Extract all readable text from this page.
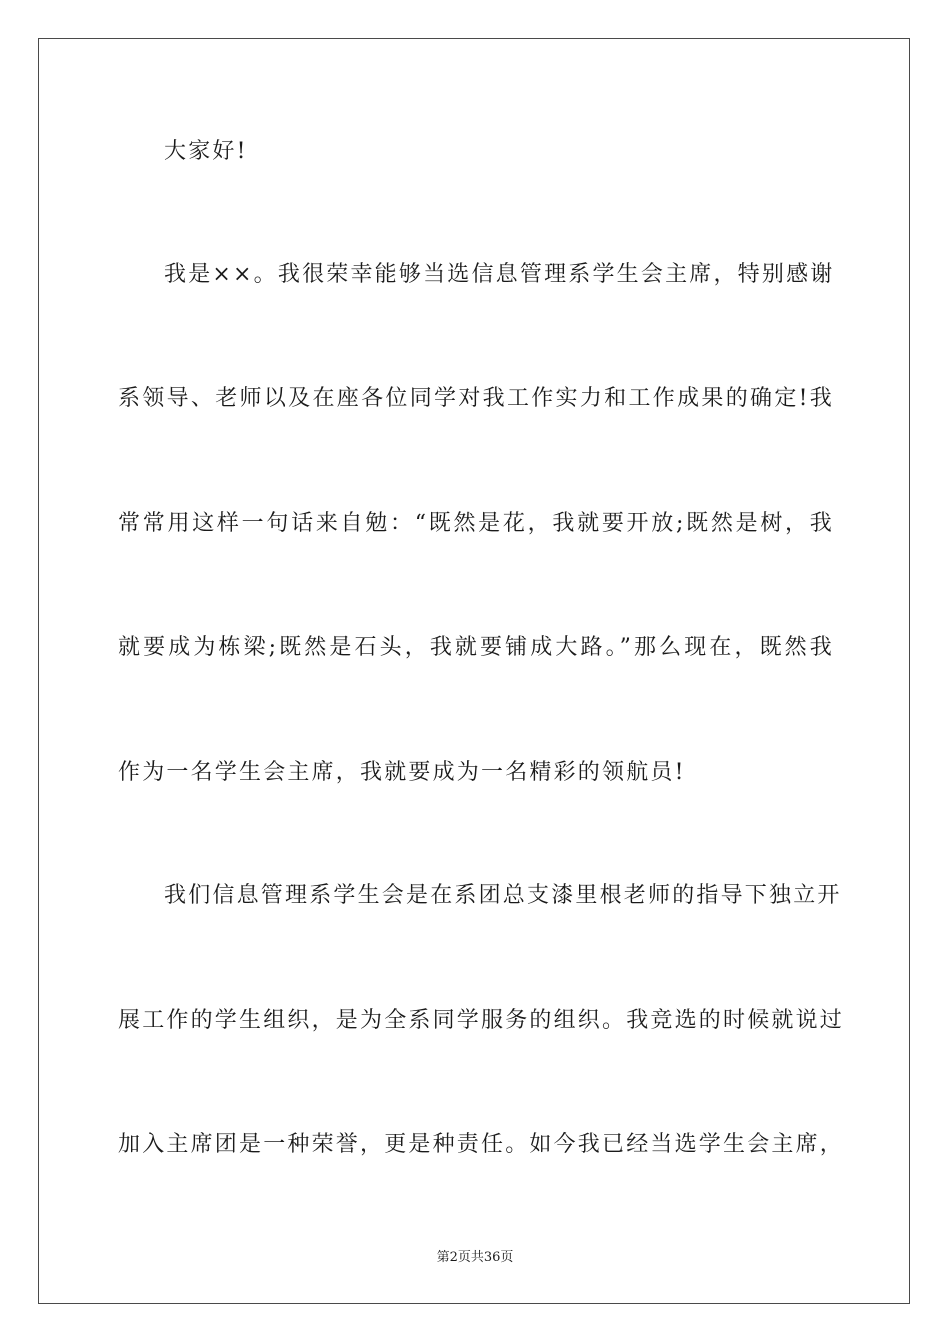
大家好!
我是××。我很荣幸能够当选信息管理系学生会主席，特别感谢
系领导、老师以及在座各位同学对我工作实力和工作成果的确定!我
常常用这样一句话来自勉：“既然是花，我就要开放;既然是树，我
就要成为栋梁;既然是石头，我就要铺成大路。”那么现在，既然我
作为一名学生会主席，我就要成为一名精彩的领航员!
我们信息管理系学生会是在系团总支漆里根老师的指导下独立开
展工作的学生组织，是为全系同学服务的组织。我竞选的时候就说过
加入主席团是一种荣誉，更是种责任。如今我已经当选学生会主席，
第2页共36页
